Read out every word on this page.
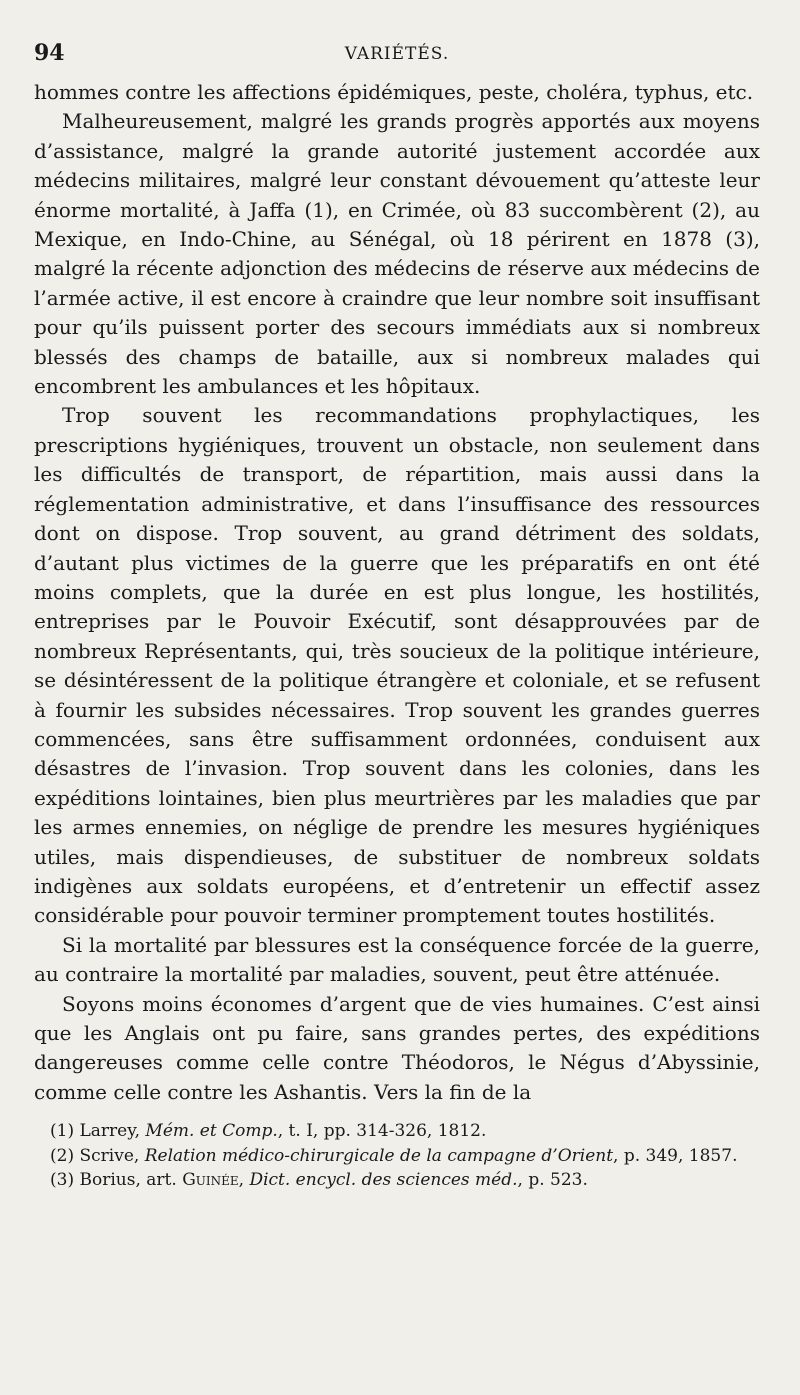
94	VARIÉTÉS.

hommes contre les affections épidémiques, peste, choléra, typhus, etc.

Malheureusement, malgré les grands progrès apportés aux moyens d’assistance, malgré la grande autorité justement accordée aux médecins militaires, malgré leur constant dévouement qu’atteste leur énorme mortalité, à Jaffa (1), en Crimée, où 83 succombèrent (2), au Mexique, en Indo-Chine, au Sénégal, où 18 périrent en 1878 (3), malgré la récente adjonction des médecins de réserve aux médecins de l’armée active, il est encore à craindre que leur nombre soit insuffisant pour qu’ils puissent porter des secours immédiats aux si nombreux blessés des champs de bataille, aux si nombreux malades qui encombrent les ambulances et les hôpitaux.

Trop souvent les recommandations prophylactiques, les prescriptions hygiéniques, trouvent un obstacle, non seulement dans les difficultés de transport, de répartition, mais aussi dans la réglementation administrative, et dans l’insuffisance des ressources dont on dispose. Trop souvent, au grand détriment des soldats, d’autant plus victimes de la guerre que les préparatifs en ont été moins complets, que la durée en est plus longue, les hostilités, entreprises par le Pouvoir Exécutif, sont désapprouvées par de nombreux Représentants, qui, très soucieux de la politique intérieure, se désintéressent de la politique étrangère et coloniale, et se refusent à fournir les subsides nécessaires. Trop souvent les grandes guerres commencées, sans être suffisamment ordonnées, conduisent aux désastres de l’invasion. Trop souvent dans les colonies, dans les expéditions lointaines, bien plus meurtrières par les maladies que par les armes ennemies, on néglige de prendre les mesures hygiéniques utiles, mais dispendieuses, de substituer de nombreux soldats indigènes aux soldats européens, et d’entretenir un effectif assez considérable pour pouvoir terminer promptement toutes hostilités.

Si la mortalité par blessures est la conséquence forcée de la guerre, au contraire la mortalité par maladies, souvent, peut être atténuée.

Soyons moins économes d’argent que de vies humaines. C’est ainsi que les Anglais ont pu faire, sans grandes pertes, des expéditions dangereuses comme celle contre Théodoros, le Négus d’Abyssinie, comme celle contre les Ashantis. Vers la fin de la

(1) Larrey, Mém. et Comp., t. I, pp. 314-326, 1812.

(2) Scrive, Relation médico-chirurgicale de la campagne d’Orient, p. 349, 1857.

(3) Borius, art. Guinée, Dict. encycl. des sciences méd., p. 523.
